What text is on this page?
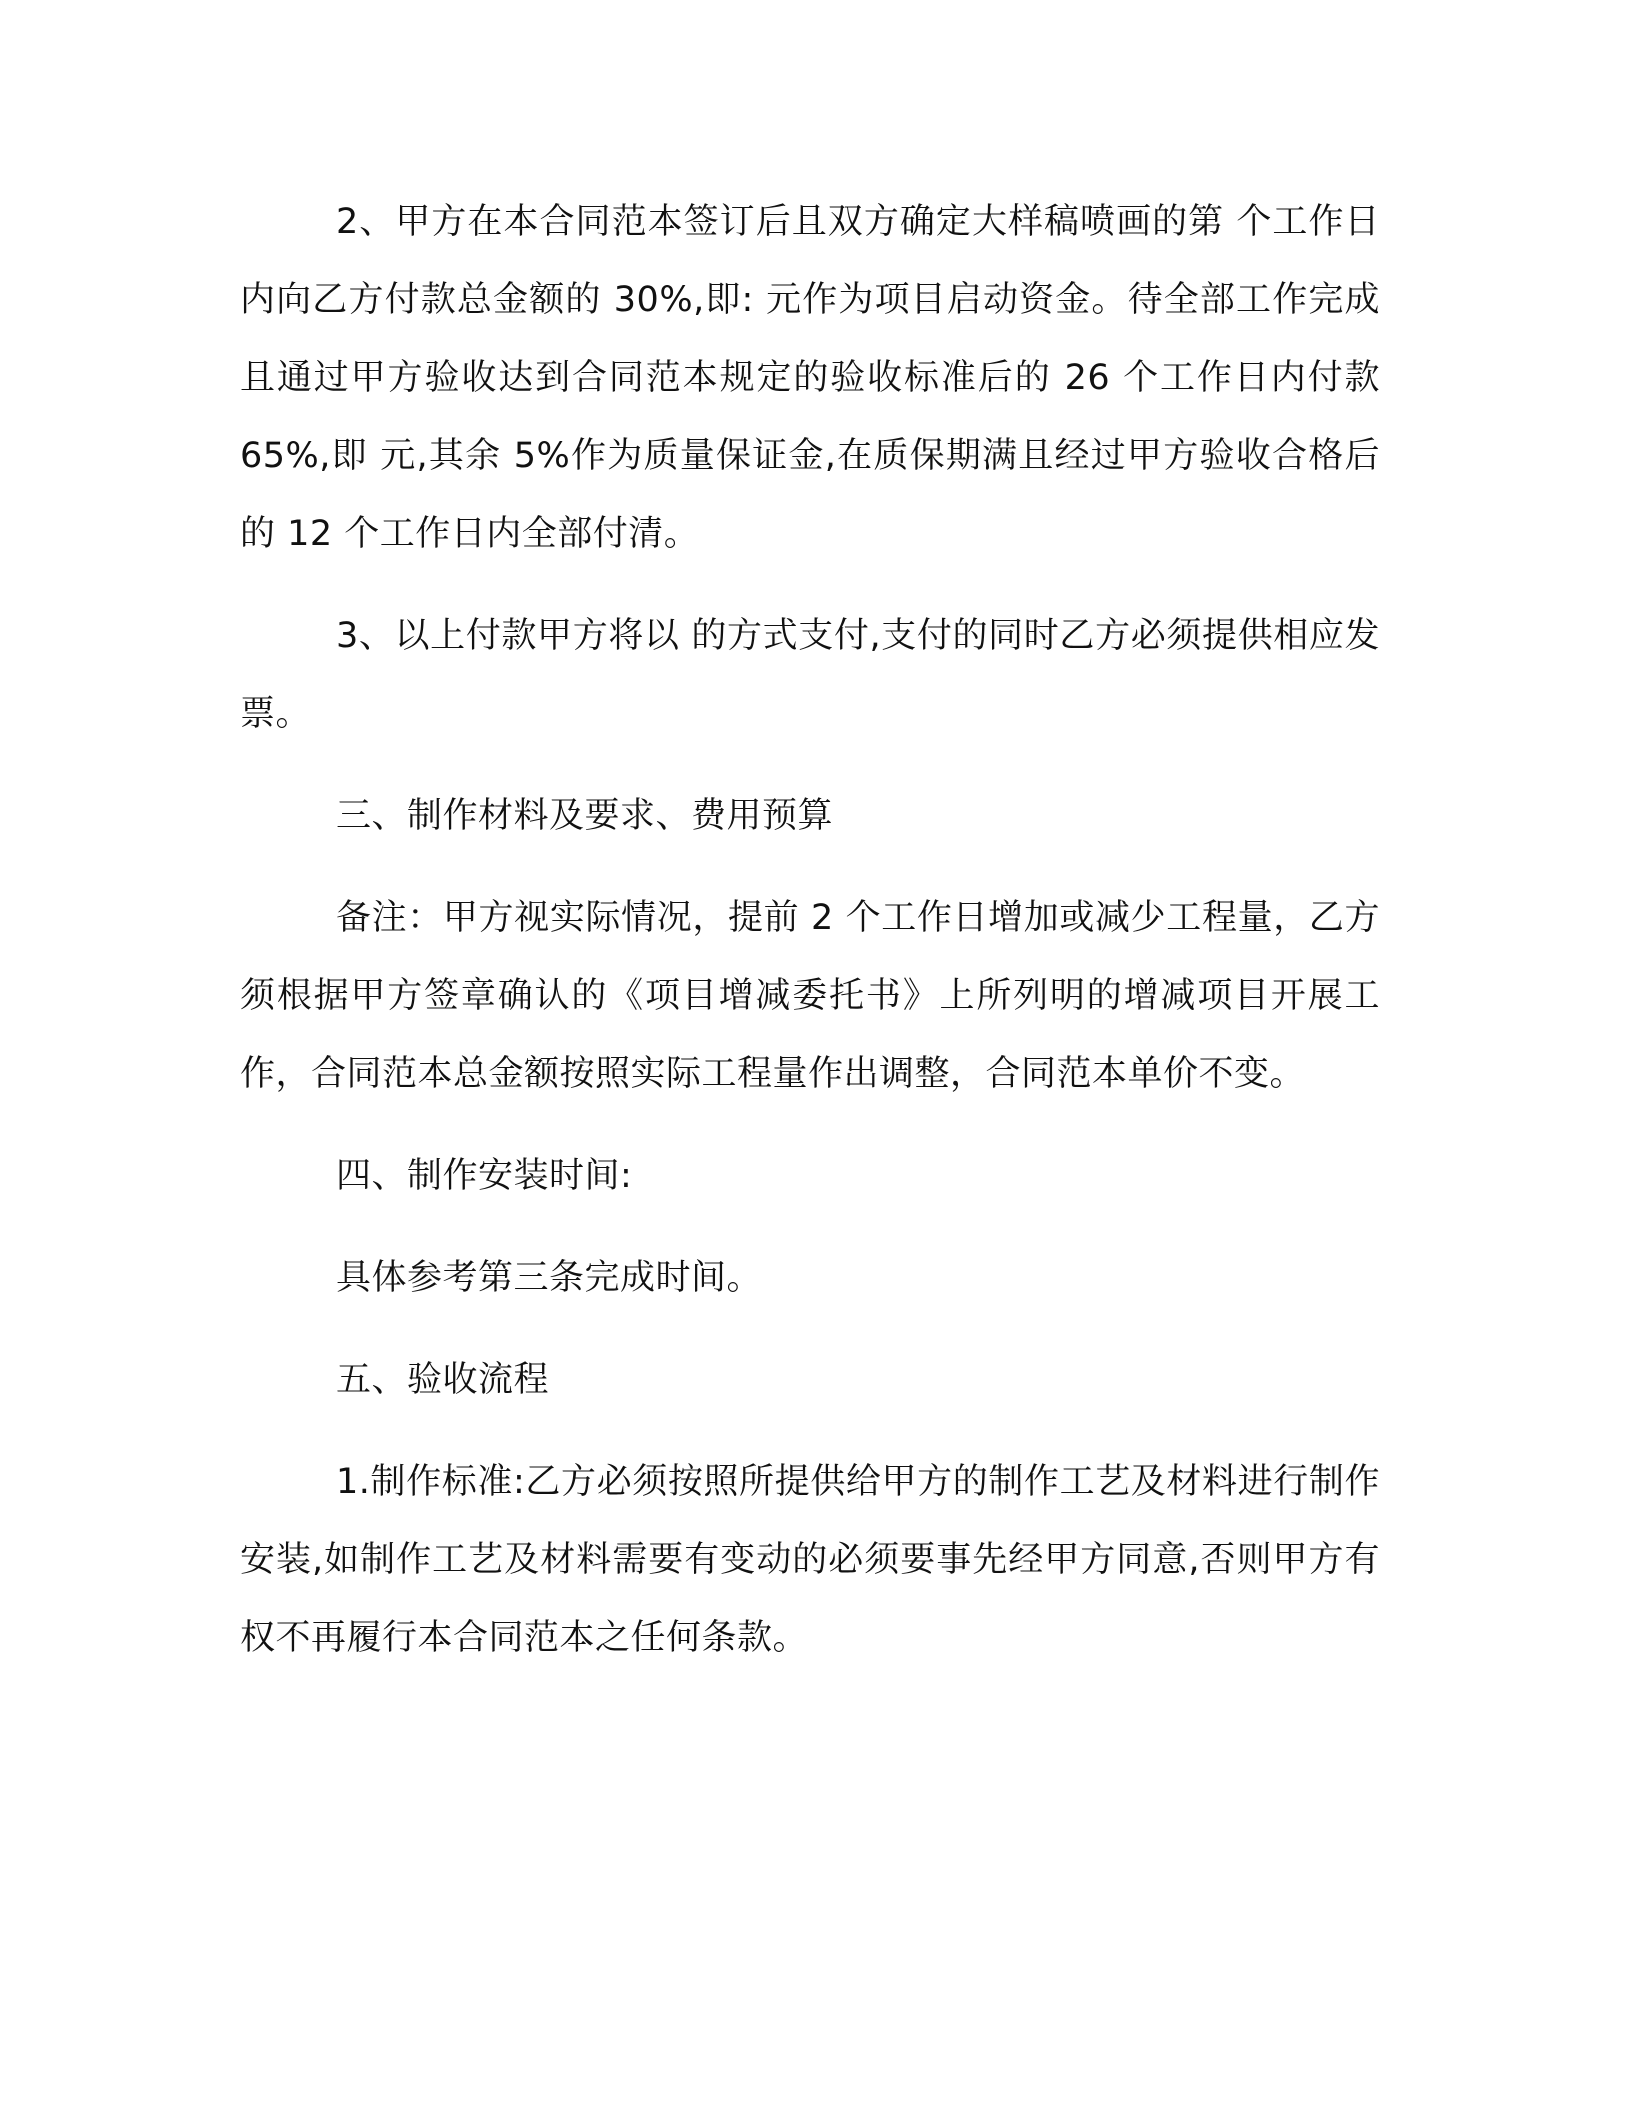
2、甲方在本合同范本签订后且双方确定大样稿喷画的第 个工作日内向乙方付款总金额的 30%,即: 元作为项目启动资金。待全部工作完成且通过甲方验收达到合同范本规定的验收标准后的 26 个工作日内付款 65%,即 元,其余 5%作为质量保证金,在质保期满且经过甲方验收合格后的 12 个工作日内全部付清。

3、以上付款甲方将以 的方式支付,支付的同时乙方必须提供相应发票。

三、制作材料及要求、费用预算

备注：甲方视实际情况，提前 2 个工作日增加或减少工程量，乙方须根据甲方签章确认的《项目增减委托书》上所列明的增减项目开展工作，合同范本总金额按照实际工程量作出调整，合同范本单价不变。

四、制作安装时间:

具体参考第三条完成时间。

五、验收流程

1.制作标准:乙方必须按照所提供给甲方的制作工艺及材料进行制作安装,如制作工艺及材料需要有变动的必须要事先经甲方同意,否则甲方有权不再履行本合同范本之任何条款。
